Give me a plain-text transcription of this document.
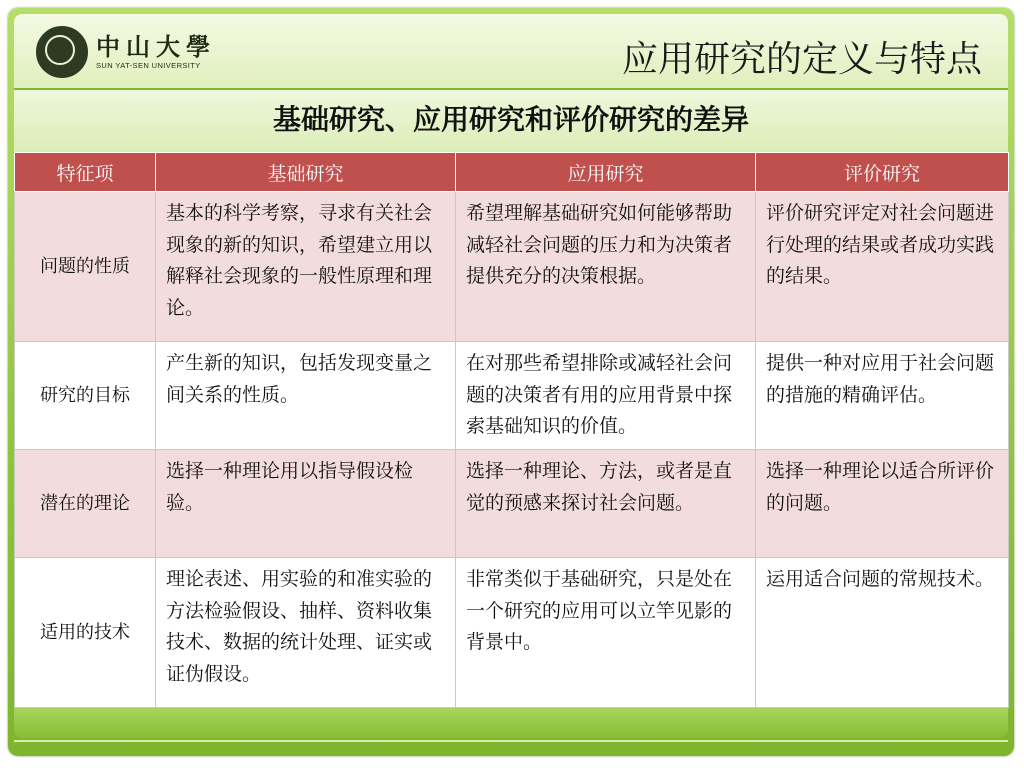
中山大學
SUN YAT-SEN UNIVERSITY	应用研究的定义与特点
基础研究、应用研究和评价研究的差异
特征项	基础研究	应用研究	评价研究
问题的性质	基本的科学考察，寻求有关社会现象的新的知识，希望建立用以解释社会现象的一般性原理和理论。	希望理解基础研究如何能够帮助减轻社会问题的压力和为决策者提供充分的决策根据。	评价研究评定对社会问题进行处理的结果或者成功实践的结果。
研究的目标	产生新的知识，包括发现变量之间关系的性质。	在对那些希望排除或减轻社会问题的决策者有用的应用背景中探索基础知识的价值。	提供一种对应用于社会问题的措施的精确评估。
潜在的理论	选择一种理论用以指导假设检验。	选择一种理论、方法，或者是直觉的预感来探讨社会问题。	选择一种理论以适合所评价的问题。
适用的技术	理论表述、用实验的和准实验的方法检验假设、抽样、资料收集技术、数据的统计处理、证实或证伪假设。	非常类似于基础研究，只是处在一个研究的应用可以立竿见影的背景中。	运用适合问题的常规技术。
